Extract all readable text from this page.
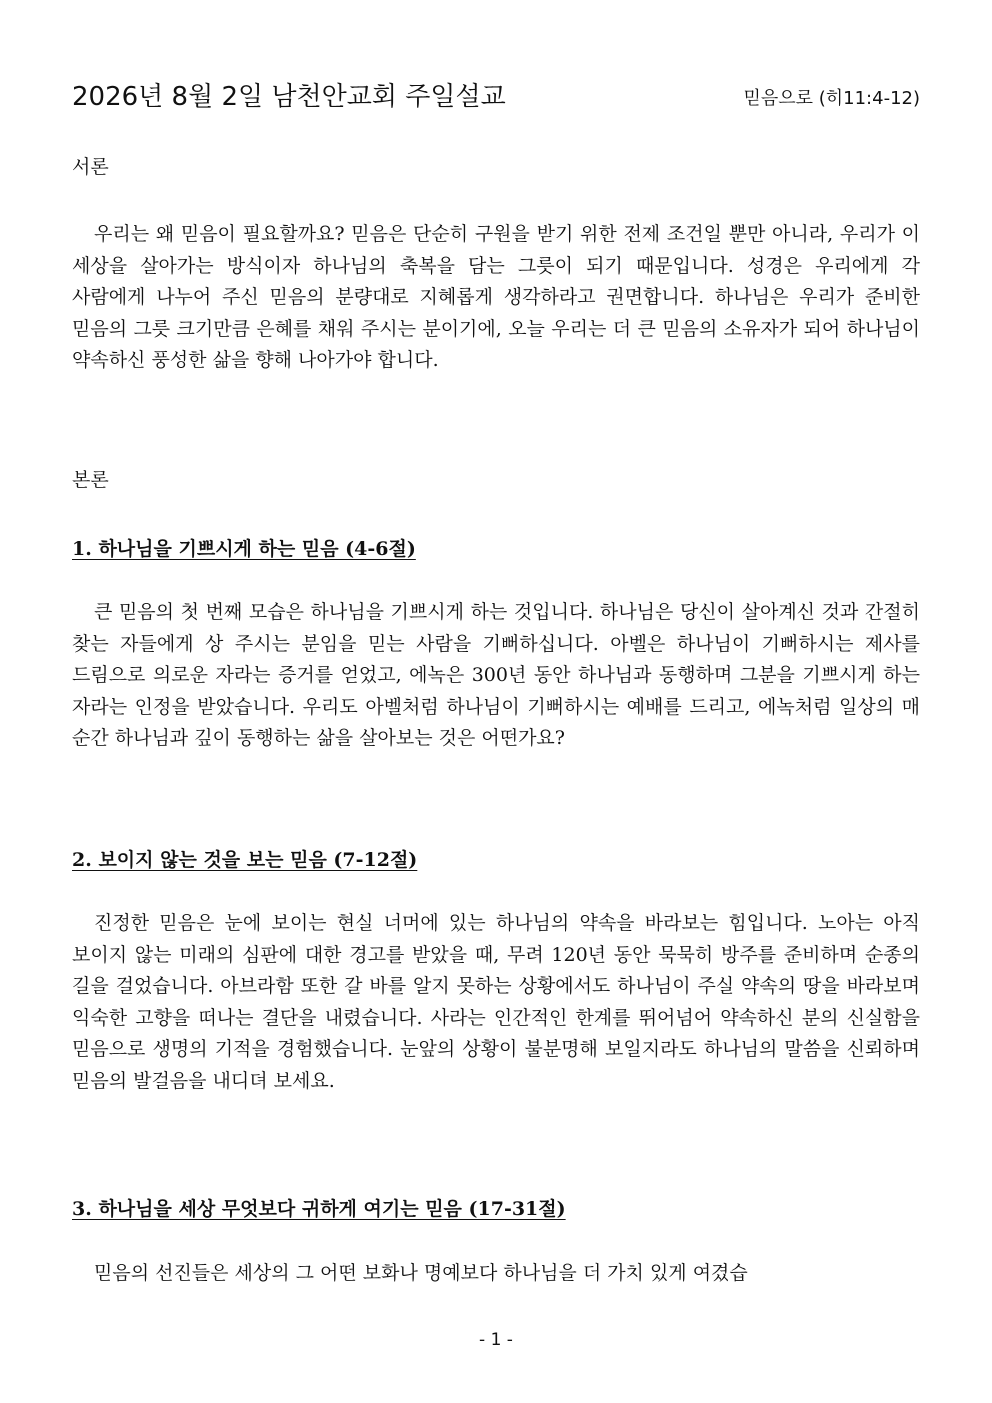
2026년 8월 2일 남천안교회 주일설교	믿음으로 (히11:4-12)
서론

우리는 왜 믿음이 필요할까요? 믿음은 단순히 구원을 받기 위한 전제 조건일 뿐만 아니라, 우리가 이 세상을 살아가는 방식이자 하나님의 축복을 담는 그릇이 되기 때문입니다. 성경은 우리에게 각 사람에게 나누어 주신 믿음의 분량대로 지혜롭게 생각하라고 권면합니다. 하나님은 우리가 준비한 믿음의 그릇 크기만큼 은혜를 채워 주시는 분이기에, 오늘 우리는 더 큰 믿음의 소유자가 되어 하나님이 약속하신 풍성한 삶을 향해 나아가야 합니다.

본론
1. 하나님을 기쁘시게 하는 믿음 (4-6절)

큰 믿음의 첫 번째 모습은 하나님을 기쁘시게 하는 것입니다. 하나님은 당신이 살아계신 것과 간절히 찾는 자들에게 상 주시는 분임을 믿는 사람을 기뻐하십니다. 아벨은 하나님이 기뻐하시는 제사를 드림으로 의로운 자라는 증거를 얻었고, 에녹은 300년 동안 하나님과 동행하며 그분을 기쁘시게 하는 자라는 인정을 받았습니다. 우리도 아벨처럼 하나님이 기뻐하시는 예배를 드리고, 에녹처럼 일상의 매 순간 하나님과 깊이 동행하는 삶을 살아보는 것은 어떤가요?

2. 보이지 않는 것을 보는 믿음 (7-12절)

진정한 믿음은 눈에 보이는 현실 너머에 있는 하나님의 약속을 바라보는 힘입니다. 노아는 아직 보이지 않는 미래의 심판에 대한 경고를 받았을 때, 무려 120년 동안 묵묵히 방주를 준비하며 순종의 길을 걸었습니다. 아브라함 또한 갈 바를 알지 못하는 상황에서도 하나님이 주실 약속의 땅을 바라보며 익숙한 고향을 떠나는 결단을 내렸습니다. 사라는 인간적인 한계를 뛰어넘어 약속하신 분의 신실함을 믿음으로 생명의 기적을 경험했습니다. 눈앞의 상황이 불분명해 보일지라도 하나님의 말씀을 신뢰하며 믿음의 발걸음을 내디뎌 보세요.

3. 하나님을 세상 무엇보다 귀하게 여기는 믿음 (17-31절)

믿음의 선진들은 세상의 그 어떤 보화나 명예보다 하나님을 더 가치 있게 여겼습

- 1 -
